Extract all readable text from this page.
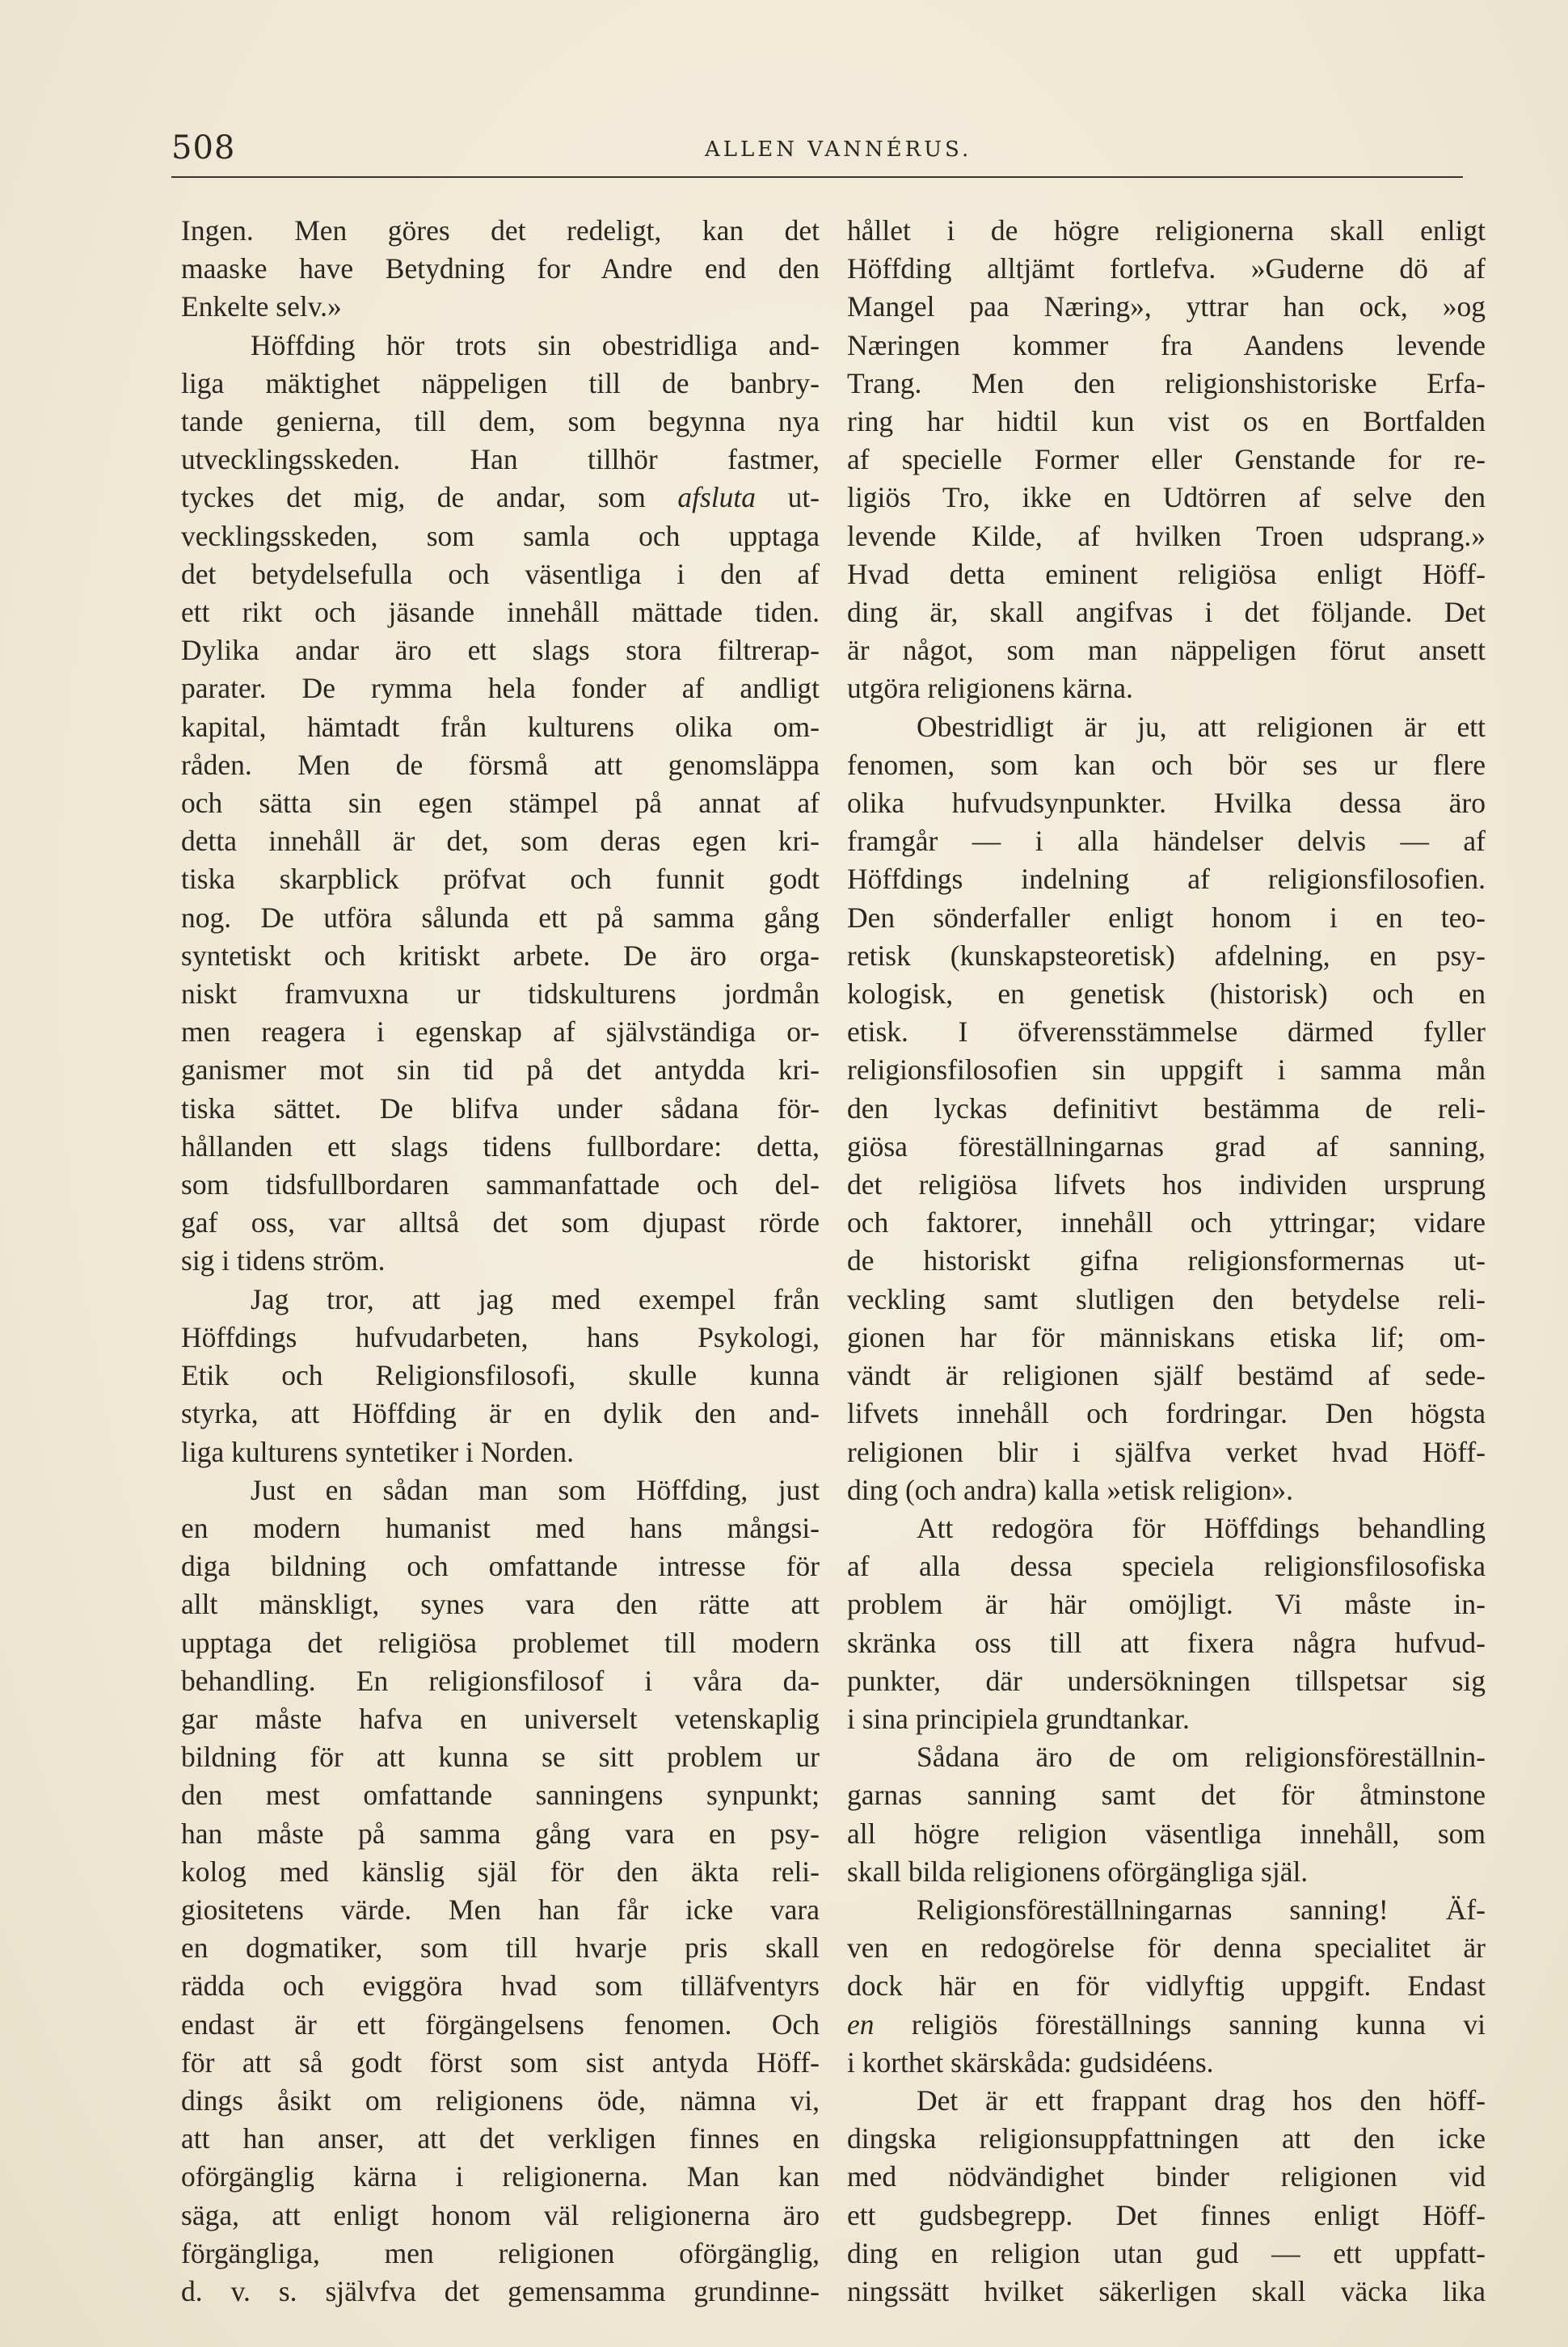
508	ALLEN VANNÉRUS.
Ingen. Men göres det redeligt, kan det
maaske have Betydning for Andre end den
Enkelte selv.»
Höffding hör trots sin obestridliga and-
liga mäktighet näppeligen till de banbry-
tande genierna, till dem, som begynna nya
utvecklingsskeden. Han tillhör fastmer,
tyckes det mig, de andar, som afsluta ut-
vecklingsskeden, som samla och upptaga
det betydelsefulla och väsentliga i den af
ett rikt och jäsande innehåll mättade tiden.
Dylika andar äro ett slags stora filtrerap-
parater. De rymma hela fonder af andligt
kapital, hämtadt från kulturens olika om-
råden. Men de försmå att genomsläppa
och sätta sin egen stämpel på annat af
detta innehåll är det, som deras egen kri-
tiska skarpblick pröfvat och funnit godt
nog. De utföra sålunda ett på samma gång
syntetiskt och kritiskt arbete. De äro orga-
niskt framvuxna ur tidskulturens jordmån
men reagera i egenskap af självständiga or-
ganismer mot sin tid på det antydda kri-
tiska sättet. De blifva under sådana för-
hållanden ett slags tidens fullbordare: detta,
som tidsfullbordaren sammanfattade och del-
gaf oss, var alltså det som djupast rörde
sig i tidens ström.
Jag tror, att jag med exempel från
Höffdings hufvudarbeten, hans Psykologi,
Etik och Religionsfilosofi, skulle kunna
styrka, att Höffding är en dylik den and-
liga kulturens syntetiker i Norden.
Just en sådan man som Höffding, just
en modern humanist med hans mångsi-
diga bildning och omfattande intresse för
allt mänskligt, synes vara den rätte att
upptaga det religiösa problemet till modern
behandling. En religionsfilosof i våra da-
gar måste hafva en universelt vetenskaplig
bildning för att kunna se sitt problem ur
den mest omfattande sanningens synpunkt;
han måste på samma gång vara en psy-
kolog med känslig själ för den äkta reli-
giositetens värde. Men han får icke vara
en dogmatiker, som till hvarje pris skall
rädda och eviggöra hvad som tilläfventyrs
endast är ett förgängelsens fenomen. Och
för att så godt först som sist antyda Höff-
dings åsikt om religionens öde, nämna vi,
att han anser, att det verkligen finnes en
oförgänglig kärna i religionerna. Man kan
säga, att enligt honom väl religionerna äro
förgängliga, men religionen oförgänglig,
d. v. s. självfva det gemensamma grundinne-
hållet i de högre religionerna skall enligt
Höffding alltjämt fortlefva. »Guderne dö af
Mangel paa Næring», yttrar han ock, »og
Næringen kommer fra Aandens levende
Trang. Men den religionshistoriske Erfa-
ring har hidtil kun vist os en Bortfalden
af specielle Former eller Genstande for re-
ligiös Tro, ikke en Udtörren af selve den
levende Kilde, af hvilken Troen udsprang.»
Hvad detta eminent religiösa enligt Höff-
ding är, skall angifvas i det följande. Det
är något, som man näppeligen förut ansett
utgöra religionens kärna.
Obestridligt är ju, att religionen är ett
fenomen, som kan och bör ses ur flere
olika hufvudsynpunkter. Hvilka dessa äro
framgår — i alla händelser delvis — af
Höffdings indelning af religionsfilosofien.
Den sönderfaller enligt honom i en teo-
retisk (kunskapsteoretisk) afdelning, en psy-
kologisk, en genetisk (historisk) och en
etisk. I öfverensstämmelse därmed fyller
religionsfilosofien sin uppgift i samma mån
den lyckas definitivt bestämma de reli-
giösa föreställningarnas grad af sanning,
det religiösa lifvets hos individen ursprung
och faktorer, innehåll och yttringar; vidare
de historiskt gifna religionsformernas ut-
veckling samt slutligen den betydelse reli-
gionen har för människans etiska lif; om-
vändt är religionen själf bestämd af sede-
lifvets innehåll och fordringar. Den högsta
religionen blir i själfva verket hvad Höff-
ding (och andra) kalla »etisk religion».
Att redogöra för Höffdings behandling
af alla dessa speciela religionsfilosofiska
problem är här omöjligt. Vi måste in-
skränka oss till att fixera några hufvud-
punkter, där undersökningen tillspetsar sig
i sina principiela grundtankar.
Sådana äro de om religionsföreställnin-
garnas sanning samt det för åtminstone
all högre religion väsentliga innehåll, som
skall bilda religionens oförgängliga själ.
Religionsföreställningarnas sanning! Äf-
ven en redogörelse för denna specialitet är
dock här en för vidlyftig uppgift. Endast
en religiös föreställnings sanning kunna vi
i korthet skärskåda: gudsidéens.
Det är ett frappant drag hos den höff-
dingska religionsuppfattningen att den icke
med nödvändighet binder religionen vid
ett gudsbegrepp. Det finnes enligt Höff-
ding en religion utan gud — ett uppfatt-
ningssätt hvilket säkerligen skall väcka lika
